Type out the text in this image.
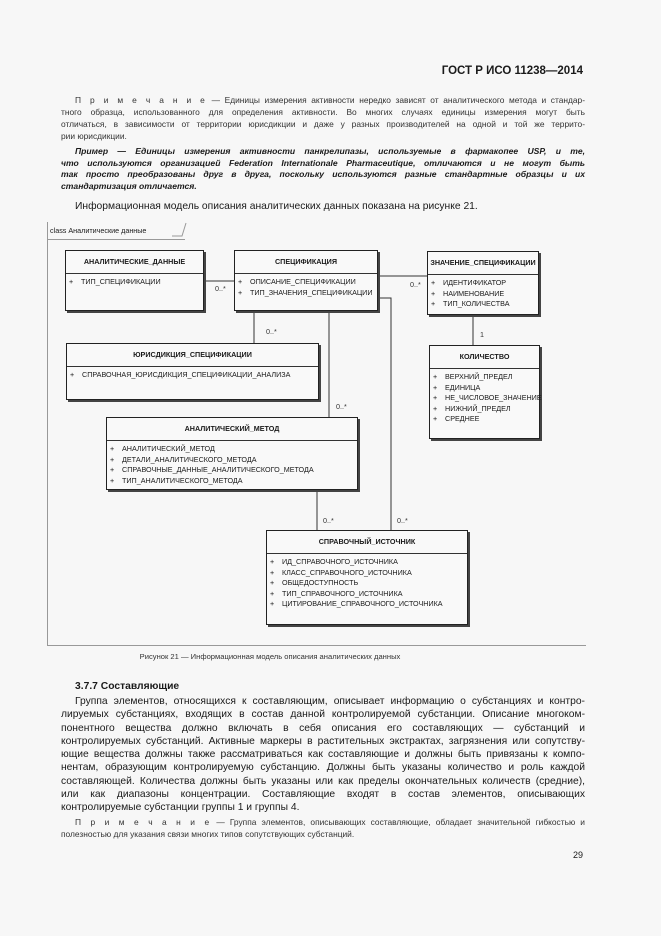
ГОСТ Р ИСО 11238—2014
П р и м е ч а н и е — Единицы измерения активности нередко зависят от аналитического метода и стандар-
тного образца, использованного для определения активности. Во многих случаях единицы измерения могут быть
отличаться, в зависимости от территории юрисдикции и даже у разных производителей на одной и той же террито-
рии юрисдикции.
Пример — Единицы измерения активности панкрелипазы, используемые в фармакопее USP, и те,
что используются организацией Federation Internationale Pharmaceutique, отличаются и не могут быть
так просто преобразованы друг в друга, поскольку используются разные стандартные образцы и их
стандартизация отличается.
Информационная модель описания аналитических данных показана на рисунке 21.
class Аналитические данные
0..*	0..*
0..*
0..*
0..*
0..*
1
АНАЛИТИЧЕСКИЕ_ДАННЫЕ
+ ТИП_СПЕЦИФИКАЦИИ
СПЕЦИФИКАЦИЯ
+ ОПИСАНИЕ_СПЕЦИФИКАЦИИ
+ ТИП_ЗНАЧЕНИЯ_СПЕЦИФИКАЦИИ
ЗНАЧЕНИЕ_СПЕЦИФИКАЦИИ
+ ИДЕНТИФИКАТОР
+ НАИМЕНОВАНИЕ
+ ТИП_КОЛИЧЕСТВА
ЮРИСДИКЦИЯ_СПЕЦИФИКАЦИИ
+ СПРАВОЧНАЯ_ЮРИСДИКЦИЯ_СПЕЦИФИКАЦИИ_АНАЛИЗА
КОЛИЧЕСТВО
+ ВЕРХНИЙ_ПРЕДЕЛ
+ ЕДИНИЦА
+ НЕ_ЧИСЛОВОЕ_ЗНАЧЕНИЕ
+ НИЖНИЙ_ПРЕДЕЛ
+ СРЕДНЕЕ
АНАЛИТИЧЕСКИЙ_МЕТОД
+ АНАЛИТИЧЕСКИЙ_МЕТОД
+ ДЕТАЛИ_АНАЛИТИЧЕСКОГО_МЕТОДА
+ СПРАВОЧНЫЕ_ДАННЫЕ_АНАЛИТИЧЕСКОГО_МЕТОДА
+ ТИП_АНАЛИТИЧЕСКОГО_МЕТОДА
СПРАВОЧНЫЙ_ИСТОЧНИК
+ ИД_СПРАВОЧНОГО_ИСТОЧНИКА
+ КЛАСС_СПРАВОЧНОГО_ИСТОЧНИКА
+ ОБЩЕДОСТУПНОСТЬ
+ ТИП_СПРАВОЧНОГО_ИСТОЧНИКА
+ ЦИТИРОВАНИЕ_СПРАВОЧНОГО_ИСТОЧНИКА
Рисунок 21 — Информационная модель описания аналитических данных
3.7.7 Составляющие
Группа элементов, относящихся к составляющим, описывает информацию о субстанциях и контро-
лируемых субстанциях, входящих в состав данной контролируемой субстанции. Описание многоком-
понентного вещества должно включать в себя описания его составляющих — субстанций и
контролируемых субстанций. Активные маркеры в растительных экстрактах, загрязнения или сопутству-
ющие вещества должны также рассматриваться как составляющие и должны быть привязаны к компо-
нентам, образующим контролируемую субстанцию. Должны быть указаны количество и роль каждой
составляющей. Количества должны быть указаны или как пределы окончательных количеств (средние),
или как диапазоны концентрации. Составляющие входят в состав элементов, описывающих
контролируемые субстанции группы 1 и группы 4.
П р и м е ч а н и е — Группа элементов, описывающих составляющие, обладает значительной гибкостью и
полезностью для указания связи многих типов сопутствующих субстанций.
29
